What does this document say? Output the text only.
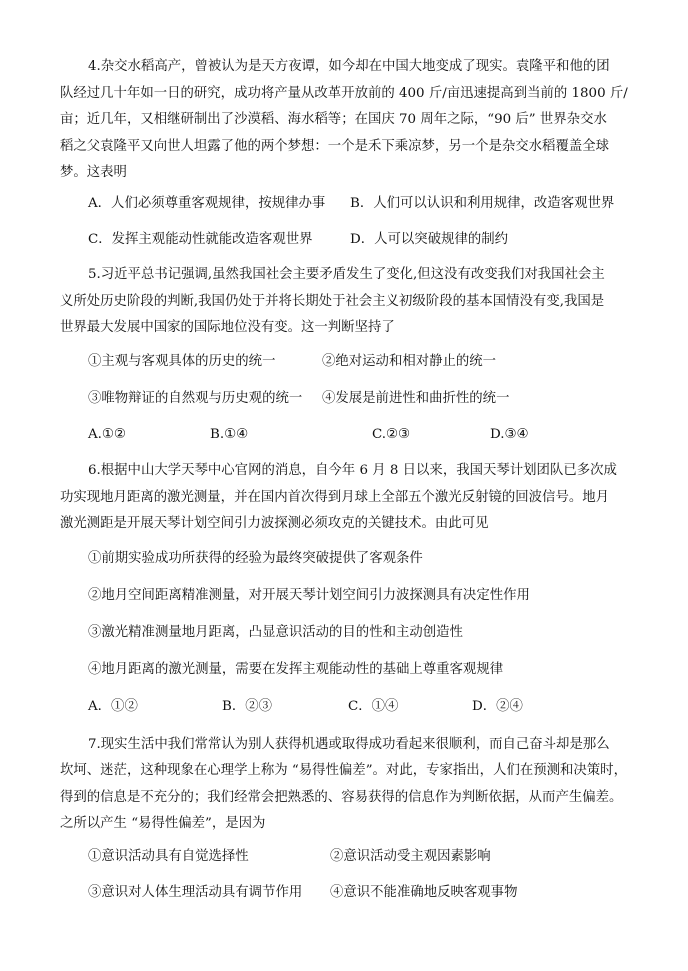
4.杂交水稻高产，曾被认为是天方夜谭，如今却在中国大地变成了现实。袁隆平和他的团
队经过几十年如一日的研究，成功将产量从改革开放前的 400 斤/亩迅速提高到当前的 1800 斤/
亩；近几年，又相继研制出了沙漠稻、海水稻等；在国庆 70 周年之际，“90 后” 世界杂交水
稻之父袁隆平又向世人坦露了他的两个梦想：一个是禾下乘凉梦，另一个是杂交水稻覆盖全球
梦。这表明
A．人们必须尊重客观规律，按规律办事 B．人们可以认识和利用规律，改造客观世界
C．发挥主观能动性就能改造客观世界	D．人可以突破规律的制约
5.习近平总书记强调,虽然我国社会主要矛盾发生了变化,但这没有改变我们对我国社会主
义所处历史阶段的判断,我国仍处于并将长期处于社会主义初级阶段的基本国情没有变,我国是
世界最大发展中国家的国际地位没有变。这一判断坚持了
①主观与客观具体的历史的统一	②绝对运动和相对静止的统一
③唯物辩证的自然观与历史观的统一 ④发展是前进性和曲折性的统一
A.①②	B.①④	C.②③	D.③④
6.根据中山大学天琴中心官网的消息，自今年 6 月 8 日以来，我国天琴计划团队已多次成
功实现地月距离的激光测量，并在国内首次得到月球上全部五个激光反射镜的回波信号。地月
激光测距是开展天琴计划空间引力波探测必须攻克的关键技术。由此可见
①前期实验成功所获得的经验为最终突破提供了客观条件
②地月空间距离精准测量，对开展天琴计划空间引力波探测具有决定性作用
③激光精准测量地月距离，凸显意识活动的目的性和主动创造性
④地月距离的激光测量，需要在发挥主观能动性的基础上尊重客观规律
A．①②	B．②③	C．①④	D．②④
7.现实生活中我们常常认为别人获得机遇或取得成功看起来很顺利，而自己奋斗却是那么
坎坷、迷茫，这种现象在心理学上称为 “易得性偏差”。对此，专家指出，人们在预测和决策时，
得到的信息是不充分的；我们经常会把熟悉的、容易获得的信息作为判断依据，从而产生偏差。
之所以产生 “易得性偏差”，是因为
①意识活动具有自觉选择性	②意识活动受主观因素影响
③意识对人体生理活动具有调节作用 ④意识不能准确地反映客观事物
